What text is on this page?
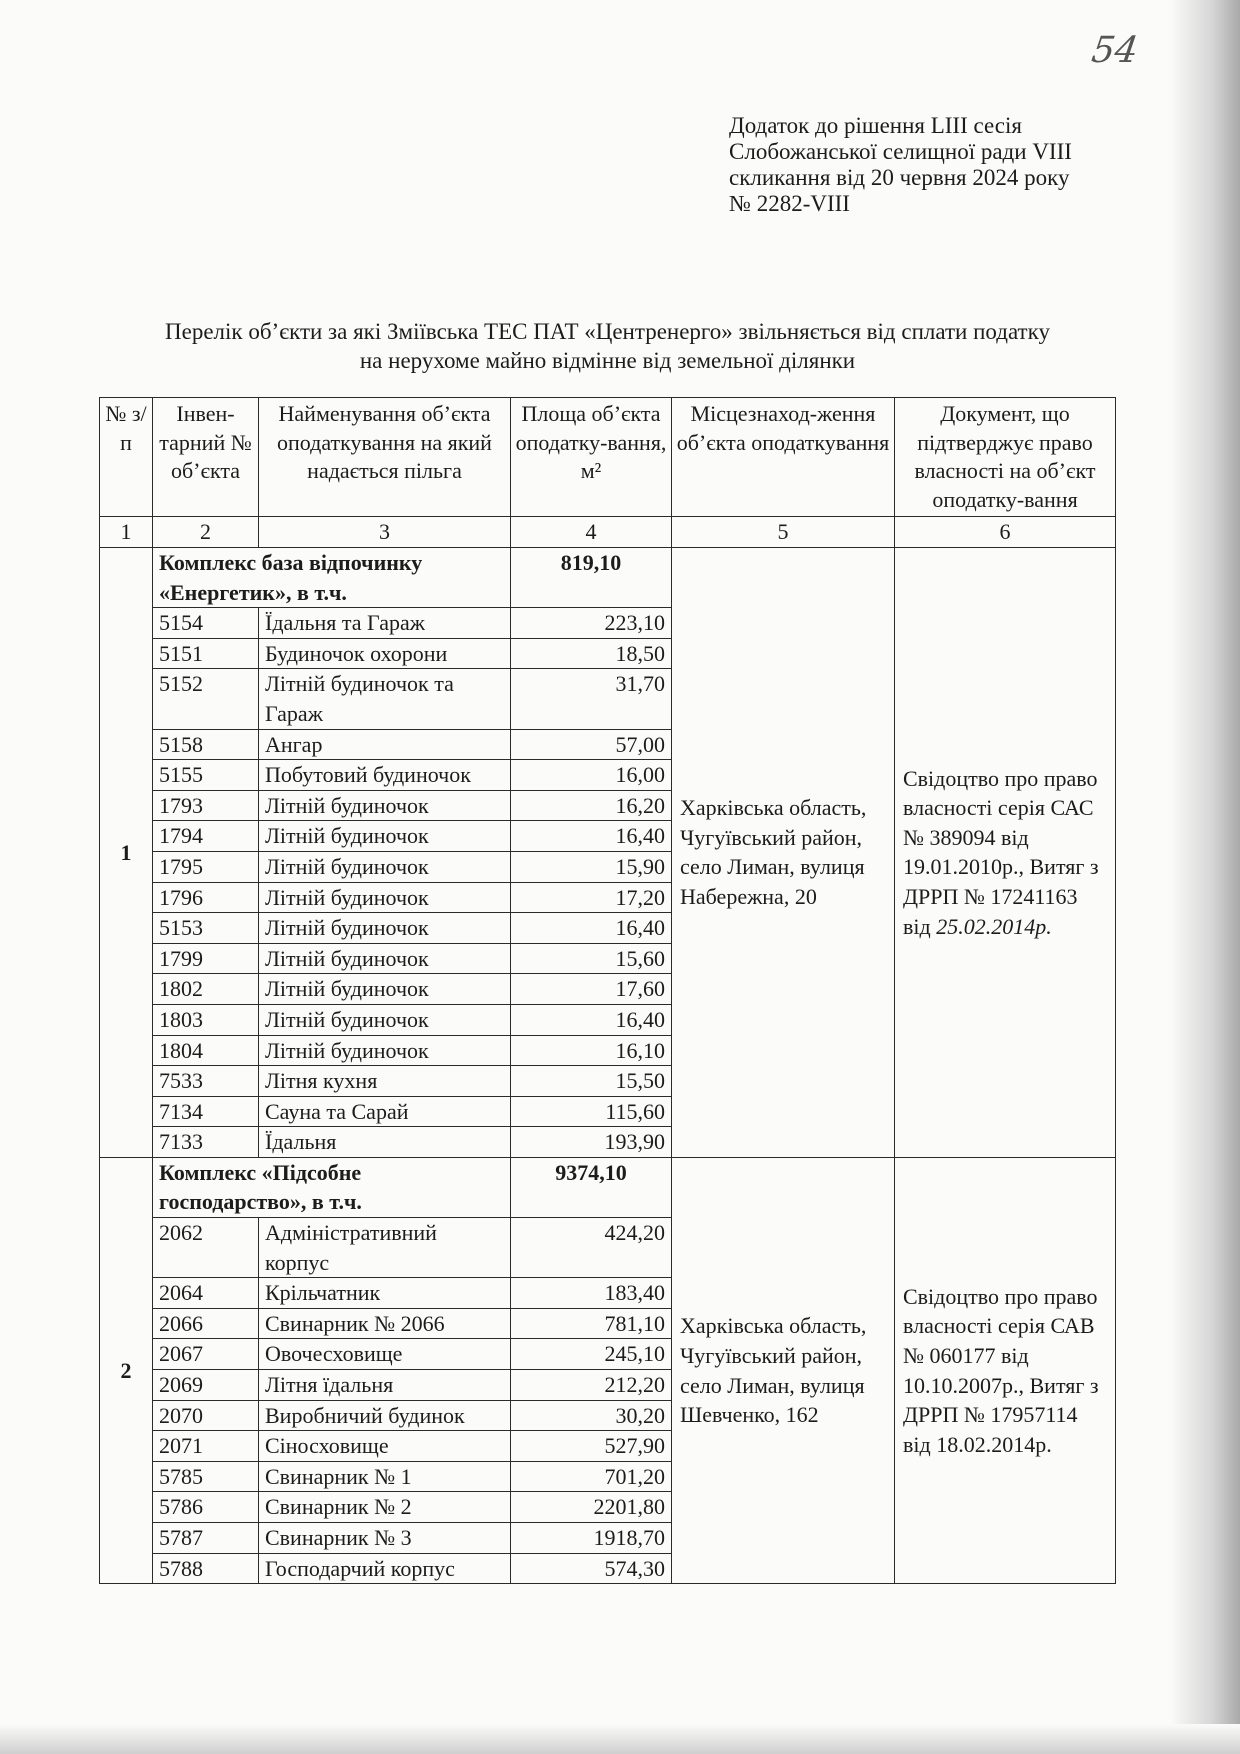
54
Додаток до рішення LIII сесія
Слобожанської селищної ради VIII
скликання від 20 червня 2024 року
№ 2282-VIII
Перелік об’єкти за які Зміївська ТЕС ПАТ «Центренерго» звільняється від сплати податку
на нерухоме майно відмінне від земельної ділянки
№ з/п	Інвен-тарний № об’єкта	Найменування об’єкта оподаткування на який надається пільга	Площа об’єкта оподатку-вання, м²	Місцезнаход-ження об’єкта оподаткування	Документ, що підтверджує право власності на об’єкт оподатку-вання
1	2	3	4	5	6
1	Комплекс база відпочинку «Енергетик», в т.ч.		819,10	Харківська область, Чугуївський район, село Лиман, вулиця Набережна, 20	Свідоцтво про право власності серія САС № 389094 від 19.01.2010р., Витяг з ДРРП № 17241163 від 25.02.2014р.
	5154	Їдальня та Гараж	223,10		
	5151	Будиночок охорони	18,50		
	5152	Літній будиночок та Гараж	31,70		
	5158	Ангар	57,00		
	5155	Побутовий будиночок	16,00		
	1793	Літній будиночок	16,20		
	1794	Літній будиночок	16,40		
	1795	Літній будиночок	15,90		
	1796	Літній будиночок	17,20		
	5153	Літній будиночок	16,40		
	1799	Літній будиночок	15,60		
	1802	Літній будиночок	17,60		
	1803	Літній будиночок	16,40		
	1804	Літній будиночок	16,10		
	7533	Літня кухня	15,50		
	7134	Сауна та Сарай	115,60		
	7133	Їдальня	193,90		
2	Комплекс «Підсобне господарство», в т.ч.		9374,10	Харківська область, Чугуївський район, село Лиман, вулиця Шевченко, 162	Свідоцтво про право власності серія САВ № 060177 від 10.10.2007р., Витяг з ДРРП № 17957114 від 18.02.2014р.
	2062	Адміністративний корпус	424,20		
	2064	Крільчатник	183,40		
	2066	Свинарник № 2066	781,10		
	2067	Овочесховище	245,10		
	2069	Літня їдальня	212,20		
	2070	Виробничий будинок	30,20		
	2071	Сіносховище	527,90		
	5785	Свинарник № 1	701,20		
	5786	Свинарник № 2	2201,80		
	5787	Свинарник № 3	1918,70		
	5788	Господарчий корпус	574,30		
